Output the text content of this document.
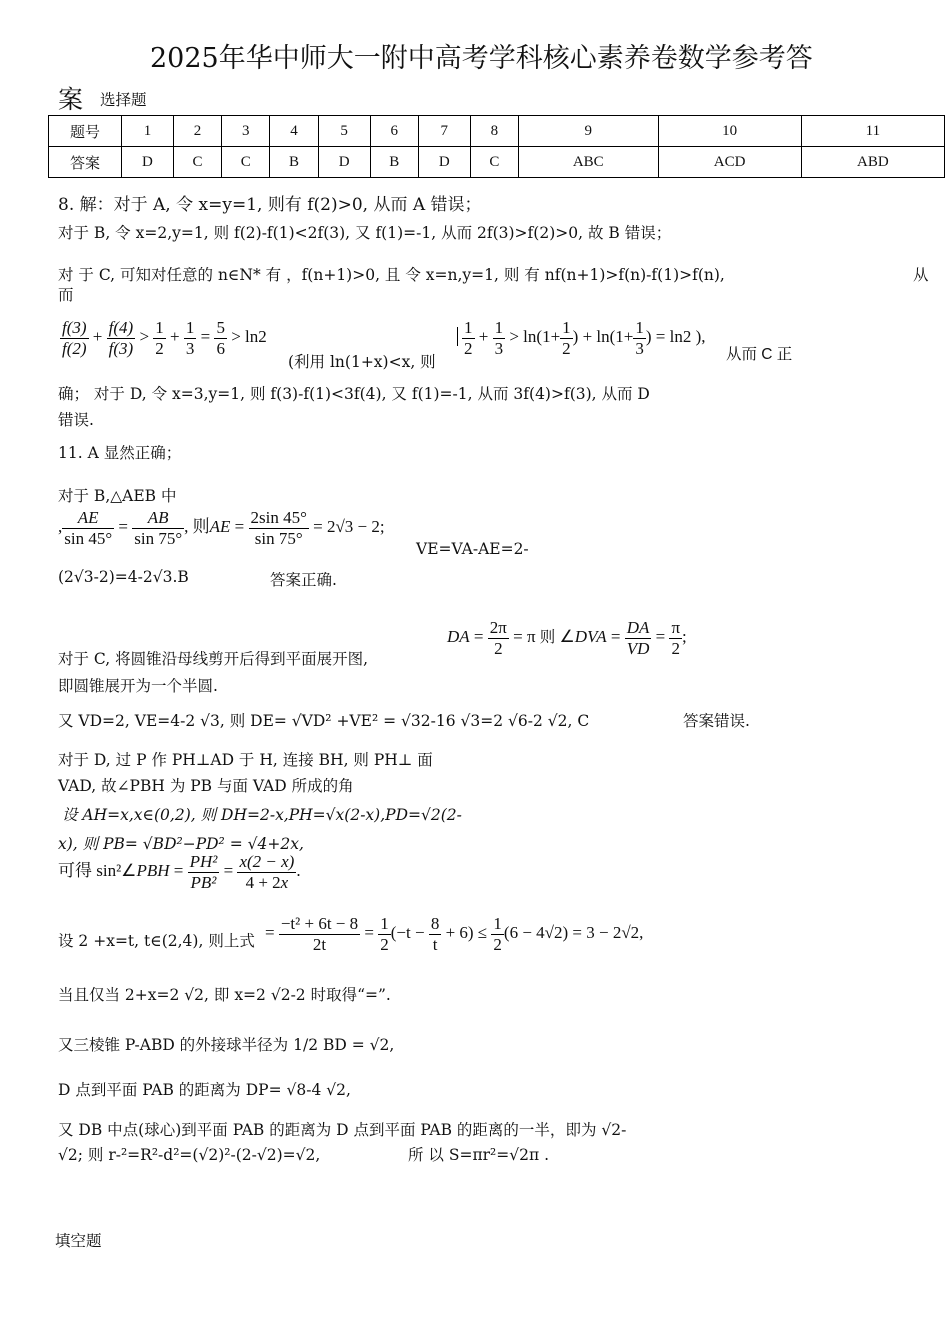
2025年华中师大一附中高考学科核心素养卷数学参考答
案 选择题
题号	1	2	3	4	5	6	7	8	9	10	11
答案	D	C	C	B	D	B	D	C	ABC	ACD	ABD
8. 解：对于 A, 令 x=y=1, 则有 f(2)>0, 从而 A 错误；
对于 B, 令 x=2,y=1, 则 f(2)-f(1)<2f(3), 又 f(1)=-1, 从而 2f(3)>f(2)>0, 故 B 错误；
对 于 C, 可知对任意的 n∈N* 有 ，f(n+1)>0, 且 令 x=n,y=1, 则 有 nf(n+1)>f(n)-f(1)>f(n),	从
而
$\frac{f(3)}{f(2)} + \frac{f(4)}{f(3)} > \frac{1}{2} + \frac{1}{3} = \frac{5}{6} > \ln 2$
(利用 ln(1+x)<x, 则
$\frac{1}{2} + \frac{1}{3} > \ln(1+ \frac{1}{2}$ ) + $\ln(1+ \frac{1}{3}$ ) = ln2 ),
从而 C 正
确； 对于 D, 令 x=3,y=1, 则 f(3)-f(1)<3f(4), 又 f(1)=-1, 从而 3f(4)>f(3), 从而 D
错误.
11. A 显然正确；
对于 B,△AEB 中
, $\frac{AE}{\sin 45^\circ} = \frac{AB}{\sin 75^\circ}$ , 则AE = $\frac{2\sin 45^\circ}{\sin 75^\circ} = 2√3 - 2$;
VE=VA-AE=2-
(2√3-2)=4-2√3.B	答案正确.
对于 C, 将圆锥沿母线剪开后得到平面展开图,
DA = $\frac{2\pi}{2} = \pi$ 则 ∠DVA = $\frac{DA}{VD} = \frac{\pi}{2}$ ;
即圆锥展开为一个半圆.
又 VD=2, VE=4-2 √3, 则 DE= √VD² +VE² = √32-16 √3=2 √6-2 √2, C	答案错误.
对于 D, 过 P 作 PH⊥AD 于 H, 连接 BH, 则 PH⊥ 面
VAD, 故∠PBH 为 PB 与面 VAD 所成的角
设 AH=x,x∈(0,2), 则 DH=2-x,PH=√x(2-x),PD=√2(2-
x), 则 PB= √BD²−PD² = √4+2x,
可得 sin²∠PBH = $\frac{\text{PH²}}{\text{PB²}} = \frac{x(2 - x)}{4 + 2x}$ .
设 2 +x=t, t∈(2,4), 则上式 = $\frac{\text{−t² + 6t − 8}}{2t} = \frac{1}{2} (-t - \frac{8}{t} + 6) \le \frac{1}{2} (6 - 4√2) = 3 - 2√2$,
当且仅当 2+x=2 √2, 即 x=2 √2-2 时取得“=”.
又三棱锥 P-ABD 的外接球半径为 1/2 BD = √2,
D 点到平面 PAB 的距离为 DP= √8-4 √2,
又 DB 中点(球心)到平面 PAB 的距离为 D 点到平面 PAB 的距离的一半，即为 √2-
√2; 则 r-²=R²-d²=(√2)²-(2-√2)=√2,	所 以 S=πr²=√2π .
填空题
